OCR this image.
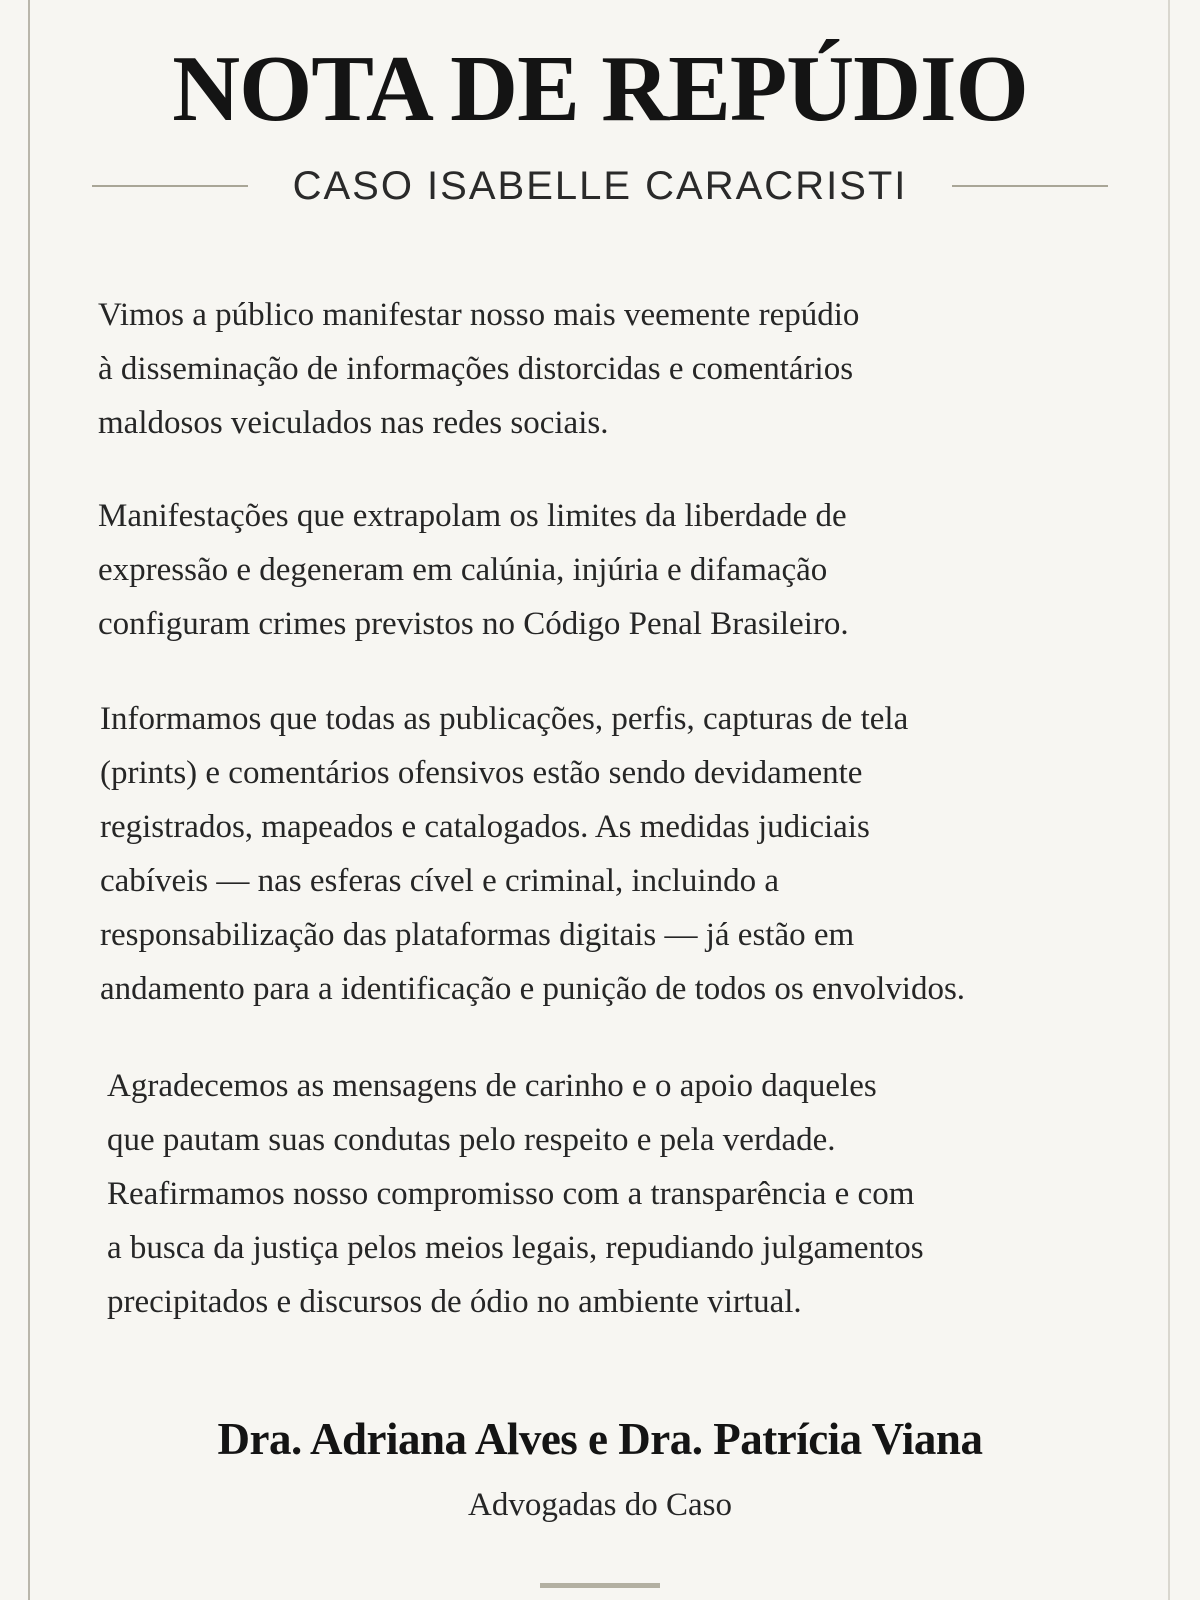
NOTA DE REPÚDIO
CASO ISABELLE CARACRISTI

Vimos a público manifestar nosso mais veemente repúdio
à disseminação de informações distorcidas e comentários
maldosos veiculados nas redes sociais.

Manifestações que extrapolam os limites da liberdade de
expressão e degeneram em calúnia, injúria e difamação
configuram crimes previstos no Código Penal Brasileiro.

Informamos que todas as publicações, perfis, capturas de tela
(prints) e comentários ofensivos estão sendo devidamente
registrados, mapeados e catalogados. As medidas judiciais
cabíveis — nas esferas cível e criminal, incluindo a
responsabilização das plataformas digitais — já estão em
andamento para a identificação e punição de todos os envolvidos.

Agradecemos as mensagens de carinho e o apoio daqueles
que pautam suas condutas pelo respeito e pela verdade.
Reafirmamos nosso compromisso com a transparência e com
a busca da justiça pelos meios legais, repudiando julgamentos
precipitados e discursos de ódio no ambiente virtual.

Dra. Adriana Alves e Dra. Patrícia Viana
Advogadas do Caso
